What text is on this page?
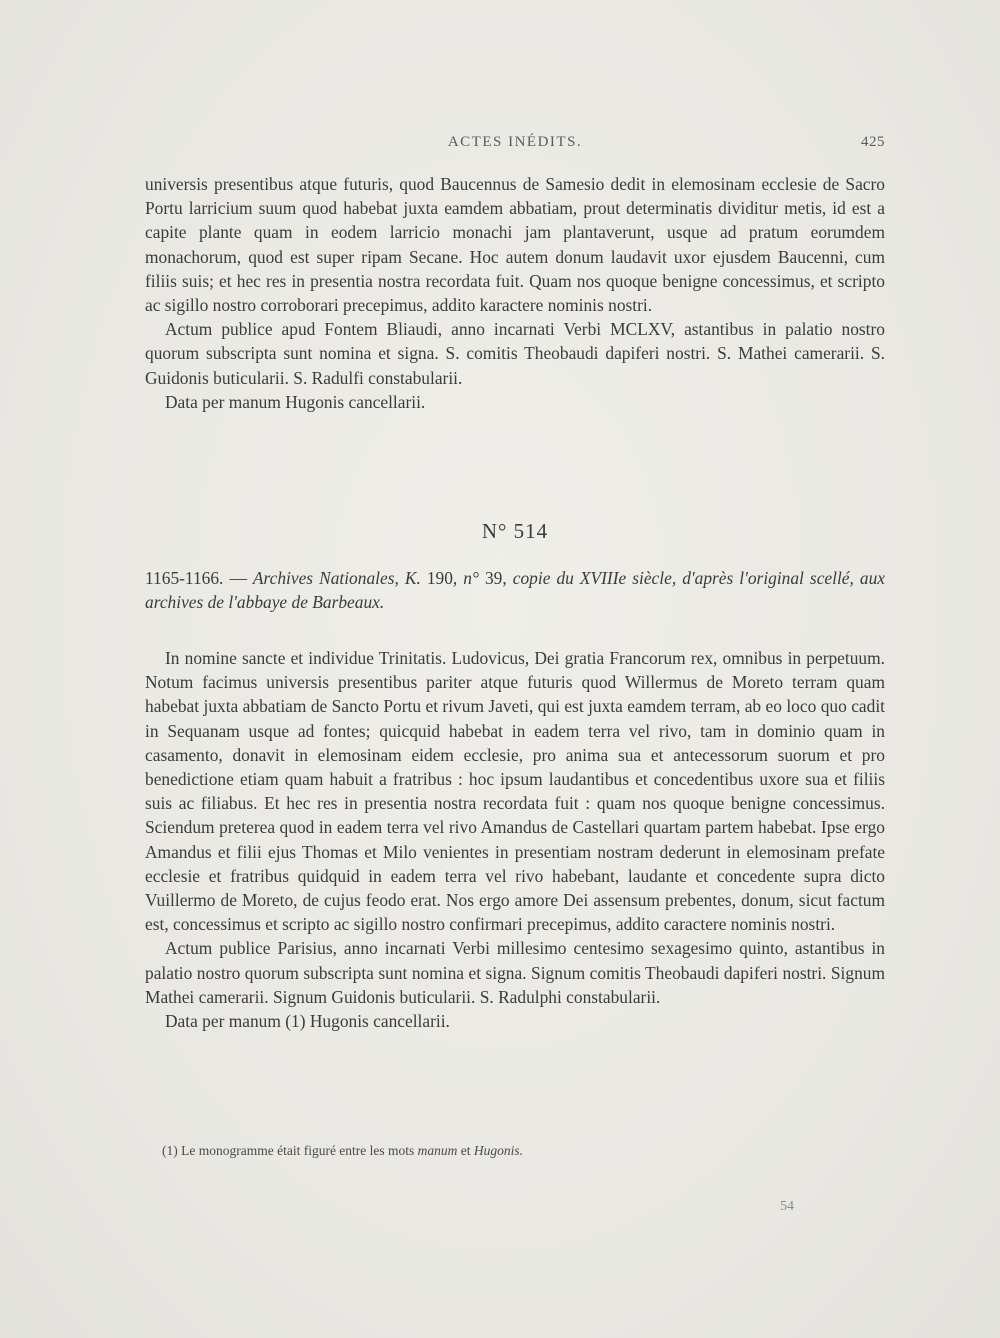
ACTES INÉDITS.	425

universis presentibus atque futuris, quod Baucennus de Samesio dedit in elemosinam ecclesie de Sacro Portu larricium suum quod habebat juxta eamdem abbatiam, prout determinatis dividitur metis, id est a capite plante quam in eodem larricio monachi jam plantaverunt, usque ad pratum eorumdem monachorum, quod est super ripam Secane. Hoc autem donum laudavit uxor ejusdem Baucenni, cum filiis suis; et hec res in presentia nostra recordata fuit. Quam nos quoque benigne concessimus, et scripto ac sigillo nostro corroborari precepimus, addito karactere nominis nostri.

Actum publice apud Fontem Bliaudi, anno incarnati Verbi MCLXV, astantibus in palatio nostro quorum subscripta sunt nomina et signa. S. comitis Theobaudi dapiferi nostri. S. Mathei camerarii. S. Guidonis buticularii. S. Radulfi constabularii.

Data per manum Hugonis cancellarii.

N° 514
1165-1166. — Archives Nationales, K. 190, n° 39, copie du XVIIIe siècle, d'après l'original scellé, aux archives de l'abbaye de Barbeaux.

In nomine sancte et individue Trinitatis. Ludovicus, Dei gratia Francorum rex, omnibus in perpetuum. Notum facimus universis presentibus pariter atque futuris quod Willermus de Moreto terram quam habebat juxta abbatiam de Sancto Portu et rivum Javeti, qui est juxta eamdem terram, ab eo loco quo cadit in Sequanam usque ad fontes; quicquid habebat in eadem terra vel rivo, tam in dominio quam in casamento, donavit in elemosinam eidem ecclesie, pro anima sua et antecessorum suorum et pro benedictione etiam quam habuit a fratribus : hoc ipsum laudantibus et concedentibus uxore sua et filiis suis ac filiabus. Et hec res in presentia nostra recordata fuit : quam nos quoque benigne concessimus. Sciendum preterea quod in eadem terra vel rivo Amandus de Castellari quartam partem habebat. Ipse ergo Amandus et filii ejus Thomas et Milo venientes in presentiam nostram dederunt in elemosinam prefate ecclesie et fratribus quidquid in eadem terra vel rivo habebant, laudante et concedente supra dicto Vuillermo de Moreto, de cujus feodo erat. Nos ergo amore Dei assensum prebentes, donum, sicut factum est, concessimus et scripto ac sigillo nostro confirmari precepimus, addito caractere nominis nostri.

Actum publice Parisius, anno incarnati Verbi millesimo centesimo sexagesimo quinto, astantibus in palatio nostro quorum subscripta sunt nomina et signa. Signum comitis Theobaudi dapiferi nostri. Signum Mathei camerarii. Signum Guidonis buticularii. S. Radulphi constabularii.

Data per manum (1) Hugonis cancellarii.

(1) Le monogramme était figuré entre les mots manum et Hugonis.
54
